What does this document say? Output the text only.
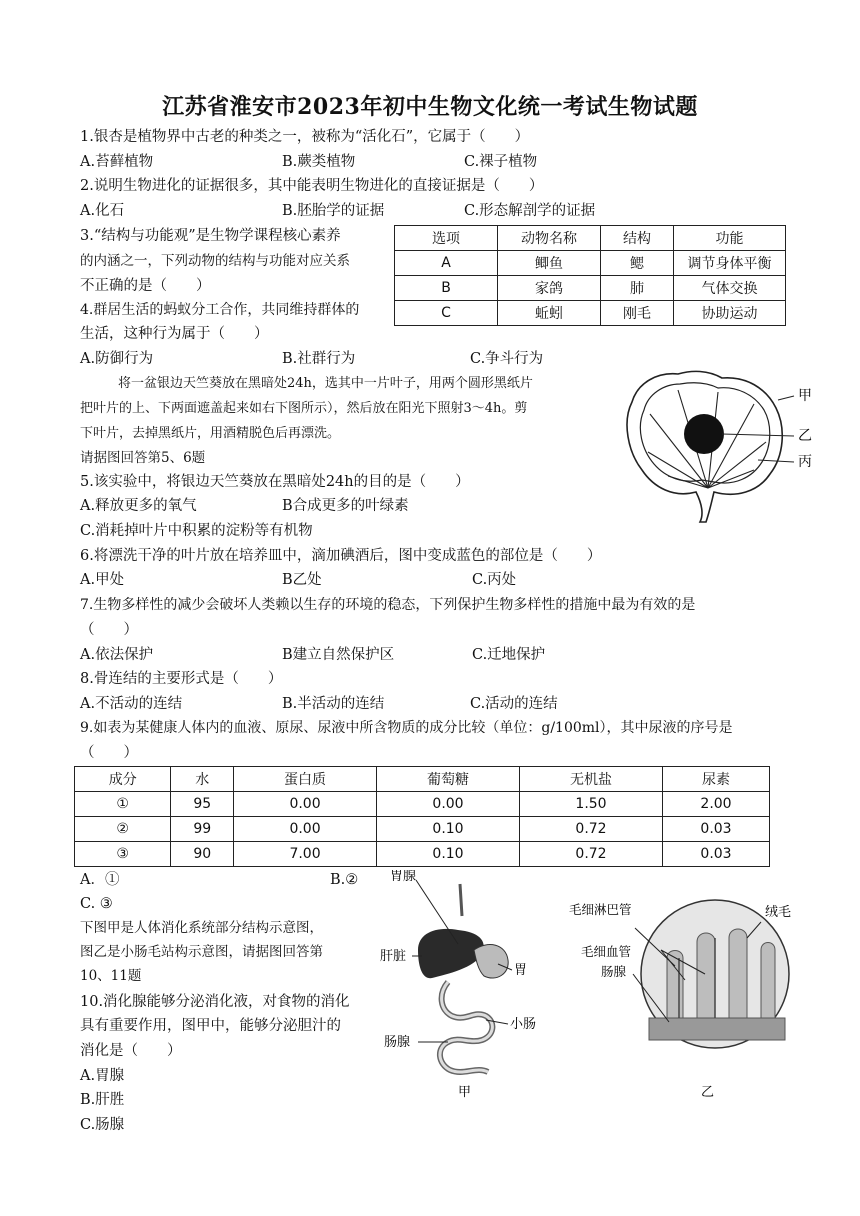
江苏省淮安市2023年初中生物文化统一考试生物试题
1.银杏是植物界中古老的种类之一，被称为“活化石”，它属于（　　）
A.苔藓植物	B.蕨类植物	C.裸子植物
2.说明生物进化的证据很多，其中能表明生物进化的直接证据是（　　）
A.化石	B.胚胎学的证据	C.形态解剖学的证据
3.“结构与功能观”是生物学课程核心素养
的内涵之一，下列动物的结构与功能对应关系
不正确的是（　　）
选项	动物名称	结构	功能
A	鲫鱼	鳃	调节身体平衡
B	家鸽	肺	气体交换
C	蚯蚓	刚毛	协助运动
4.群居生活的蚂蚁分工合作，共同维持群体的
生活，这种行为属于（　　）
A.防御行为	B.社群行为	C.争斗行为
将一盆银边天竺葵放在黑暗处24h，选其中一片叶子，用两个圆形黑纸片
把叶片的上、下两面遮盖起来如右下图所示），然后放在阳光下照射3～4h。剪
下叶片，去掉黑纸片，用酒精脱色后再漂洗。
请据图回答第5、6题
甲
乙
丙
5.该实验中，将银边天竺葵放在黑暗处24h的目的是（　　）
A.释放更多的氧气	B合成更多的叶绿素
C.消耗掉叶片中积累的淀粉等有机物
6.将漂洗干净的叶片放在培养皿中，滴加碘酒后，图中变成蓝色的部位是（　　）
A.甲处	B乙处	C.丙处
7.生物多样性的减少会破坏人类赖以生存的环境的稳态，下列保护生物多样性的措施中最为有效的是
（　　）
A.依法保护	B建立自然保护区	C.迁地保护
8.骨连结的主要形式是（　　）
A.不活动的连结	B.半活动的连结	C.活动的连结
9.如表为某健康人体内的血液、原尿、尿液中所含物质的成分比较（单位：g/100ml），其中尿液的序号是
（　　）
成分	水	蛋白质	葡萄糖	无机盐	尿素
①	95	0.00	0.00	1.50	2.00
②	99	0.00	0.10	0.72	0.03
③	90	7.00	0.10	0.72	0.03
A．①	B.②
C. ③
下图甲是人体消化系统部分结构示意图，
图乙是小肠毛站构示意图，请据图回答第
10、11题
10.消化腺能够分泌消化液，对食物的消化
具有重要作用，图甲中，能够分泌胆汁的
消化是（　　）
A.胃腺
B.肝胜
C.肠腺
胃腺
肝脏
胃
小肠
肠腺
甲
毛细淋巴管
毛细血管
肠腺
绒毛
乙
